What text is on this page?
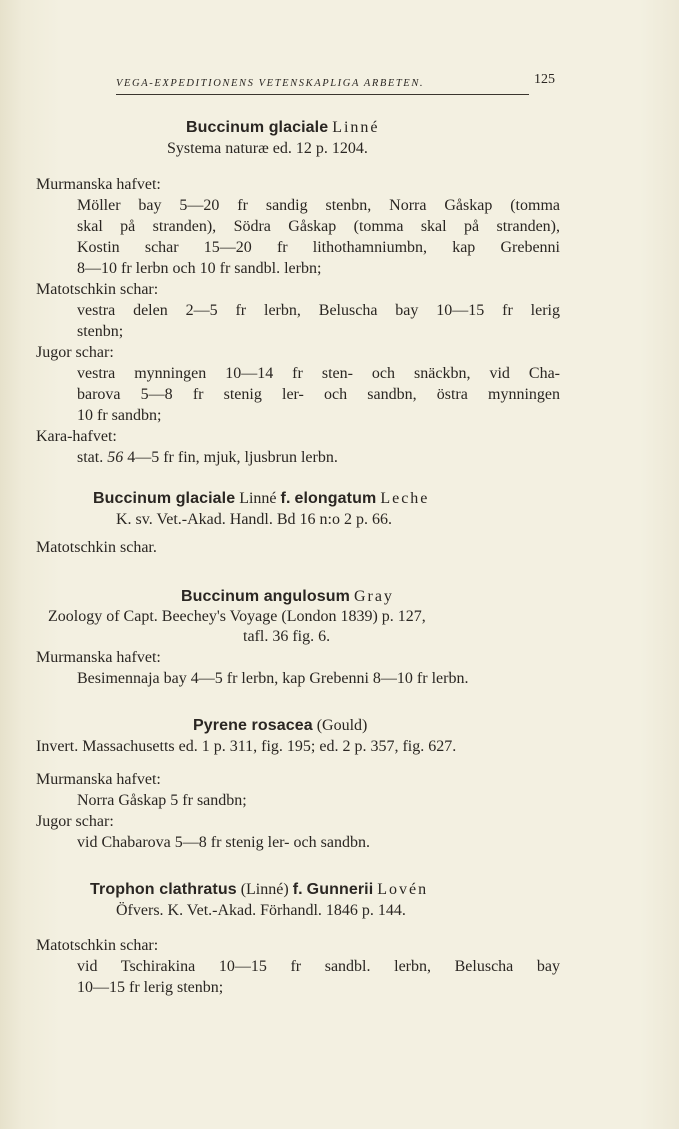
VEGA-EXPEDITIONENS VETENSKAPLIGA ARBETEN.	125
Buccinum glaciale Linné
Systema naturæ ed. 12 p. 1204.
Murmanska hafvet:
Möller bay 5—20 fr sandig stenbn, Norra Gåskap (tomma
skal på stranden), Södra Gåskap (tomma skal på stranden),
Kostin schar 15—20 fr lithothamniumbn, kap Grebenni
8—10 fr lerbn och 10 fr sandbl. lerbn;
Matotschkin schar:
vestra delen 2—5 fr lerbn, Beluscha bay 10—15 fr lerig
stenbn;
Jugor schar:
vestra mynningen 10—14 fr sten- och snäckbn, vid Cha-
barova 5—8 fr stenig ler- och sandbn, östra mynningen
10 fr sandbn;
Kara-hafvet:
stat. 56 4—5 fr fin, mjuk, ljusbrun lerbn.
Buccinum glaciale Linné f. elongatum Leche
K. sv. Vet.-Akad. Handl. Bd 16 n:o 2 p. 66.
Matotschkin schar.
Buccinum angulosum Gray
Zoology of Capt. Beechey's Voyage (London 1839) p. 127,
tafl. 36 fig. 6.
Murmanska hafvet:
Besimennaja bay 4—5 fr lerbn, kap Grebenni 8—10 fr lerbn.
Pyrene rosacea (Gould)
Invert. Massachusetts ed. 1 p. 311, fig. 195; ed. 2 p. 357, fig. 627.
Murmanska hafvet:
Norra Gåskap 5 fr sandbn;
Jugor schar:
vid Chabarova 5—8 fr stenig ler- och sandbn.
Trophon clathratus (Linné) f. Gunnerii Lovén
Öfvers. K. Vet.-Akad. Förhandl. 1846 p. 144.
Matotschkin schar:
vid Tschirakina 10—15 fr sandbl. lerbn, Beluscha bay
10—15 fr lerig stenbn;
